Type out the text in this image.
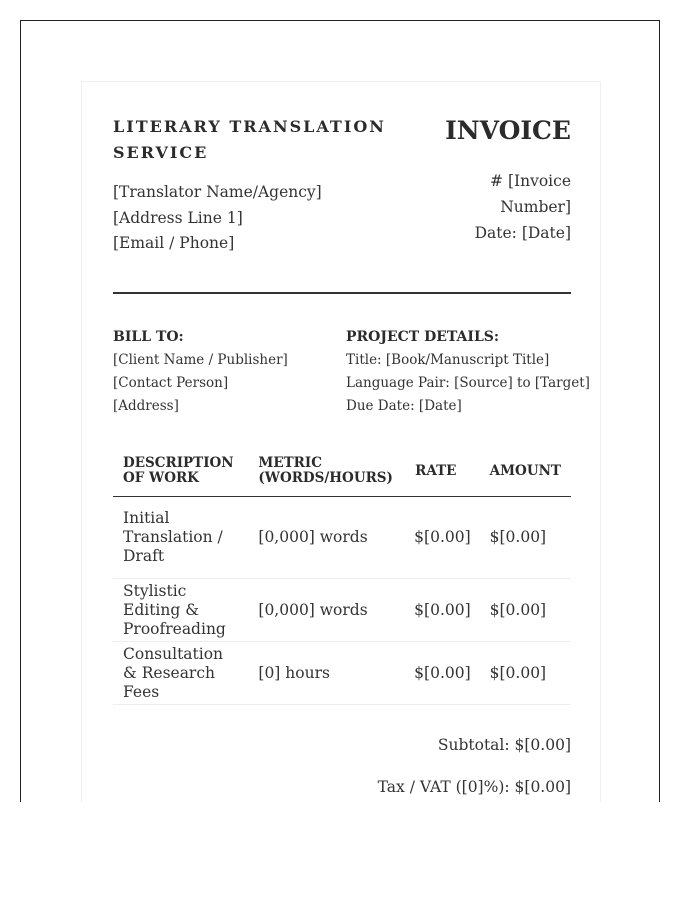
LITERARY TRANSLATION SERVICE
[Translator Name/Agency]
[Address Line 1]
[Email / Phone]
INVOICE
# [Invoice Number]
Date: [Date]
BILL TO:
[Client Name / Publisher]
[Contact Person]
[Address]
PROJECT DETAILS:
Title: [Book/Manuscript Title]
Language Pair: [Source] to [Target]
Due Date: [Date]
DESCRIPTION OF WORK	METRIC (WORDS/HOURS)	RATE	AMOUNT
Initial Translation / Draft	[0,000] words	$[0.00]	$[0.00]
Stylistic Editing & Proofreading	[0,000] words	$[0.00]	$[0.00]
Consultation & Research Fees	[0] hours	$[0.00]	$[0.00]
Subtotal: $[0.00]
Tax / VAT ([0]%): $[0.00]
